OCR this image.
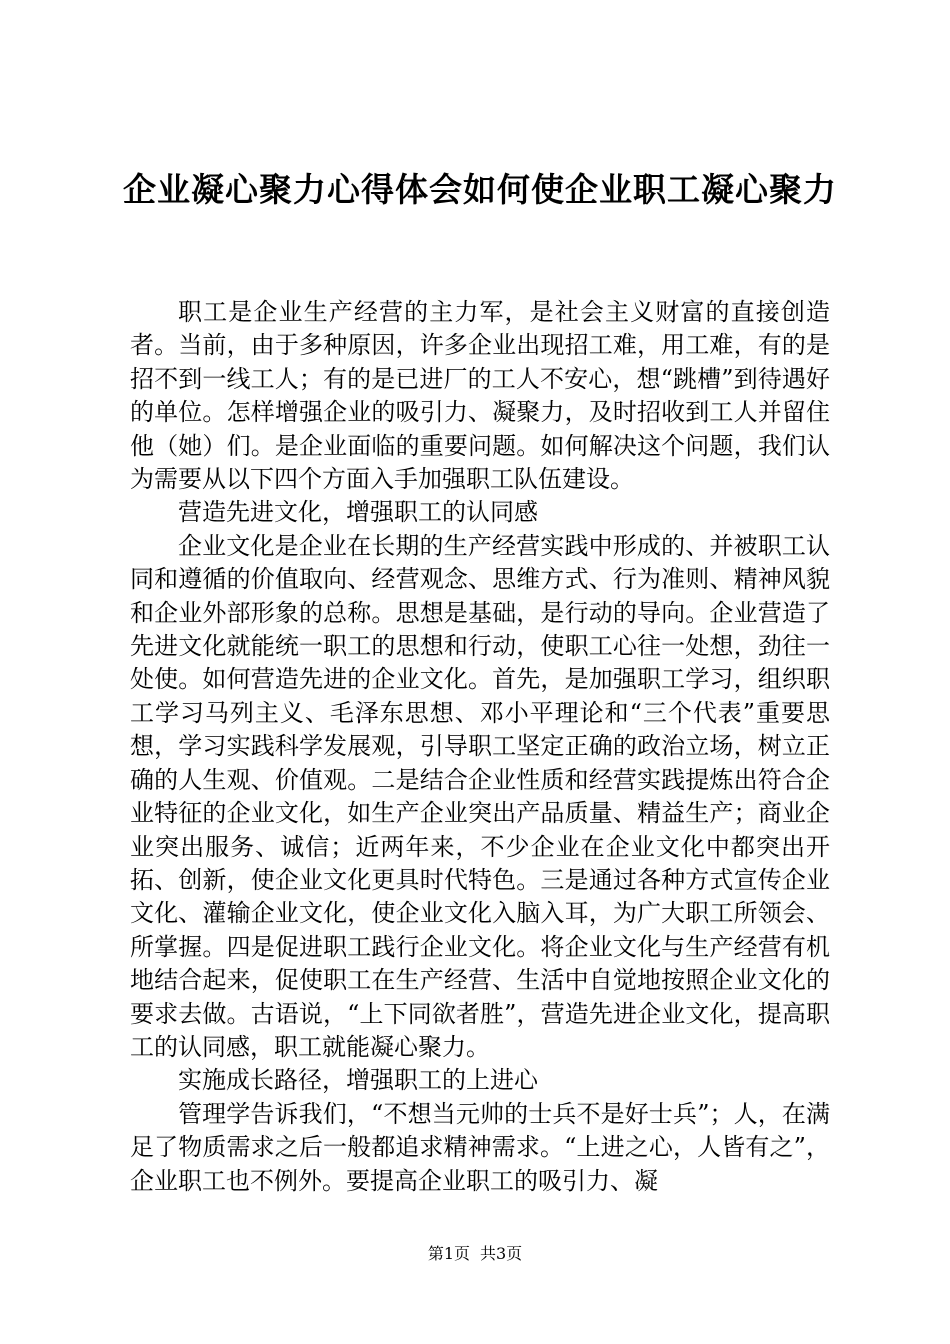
企业凝心聚力心得体会如何使企业职工凝心聚力

职工是企业生产经营的主力军，是社会主义财富的直接创造者。当前，由于多种原因，许多企业出现招工难，用工难，有的是招不到一线工人；有的是已进厂的工人不安心，想“跳槽”到待遇好的单位。怎样增强企业的吸引力、凝聚力，及时招收到工人并留住他（她）们。是企业面临的重要问题。如何解决这个问题，我们认为需要从以下四个方面入手加强职工队伍建设。

营造先进文化，增强职工的认同感

企业文化是企业在长期的生产经营实践中形成的、并被职工认同和遵循的价值取向、经营观念、思维方式、行为准则、精神风貌和企业外部形象的总称。思想是基础，是行动的导向。企业营造了先进文化就能统一职工的思想和行动，使职工心往一处想，劲往一处使。如何营造先进的企业文化。首先，是加强职工学习，组织职工学习马列主义、毛泽东思想、邓小平理论和“三个代表”重要思想，学习实践科学发展观，引导职工坚定正确的政治立场，树立正确的人生观、价值观。二是结合企业性质和经营实践提炼出符合企业特征的企业文化，如生产企业突出产品质量、精益生产；商业企业突出服务、诚信；近两年来，不少企业在企业文化中都突出开拓、创新，使企业文化更具时代特色。三是通过各种方式宣传企业文化、灌输企业文化，使企业文化入脑入耳，为广大职工所领会、所掌握。四是促进职工践行企业文化。将企业文化与生产经营有机地结合起来，促使职工在生产经营、生活中自觉地按照企业文化的要求去做。古语说，“上下同欲者胜”，营造先进企业文化，提高职工的认同感，职工就能凝心聚力。

实施成长路径，增强职工的上进心

管理学告诉我们，“不想当元帅的士兵不是好士兵”；人，在满足了物质需求之后一般都追求精神需求。“上进之心，人皆有之”，企业职工也不例外。要提高企业职工的吸引力、凝

第1页 共3页
